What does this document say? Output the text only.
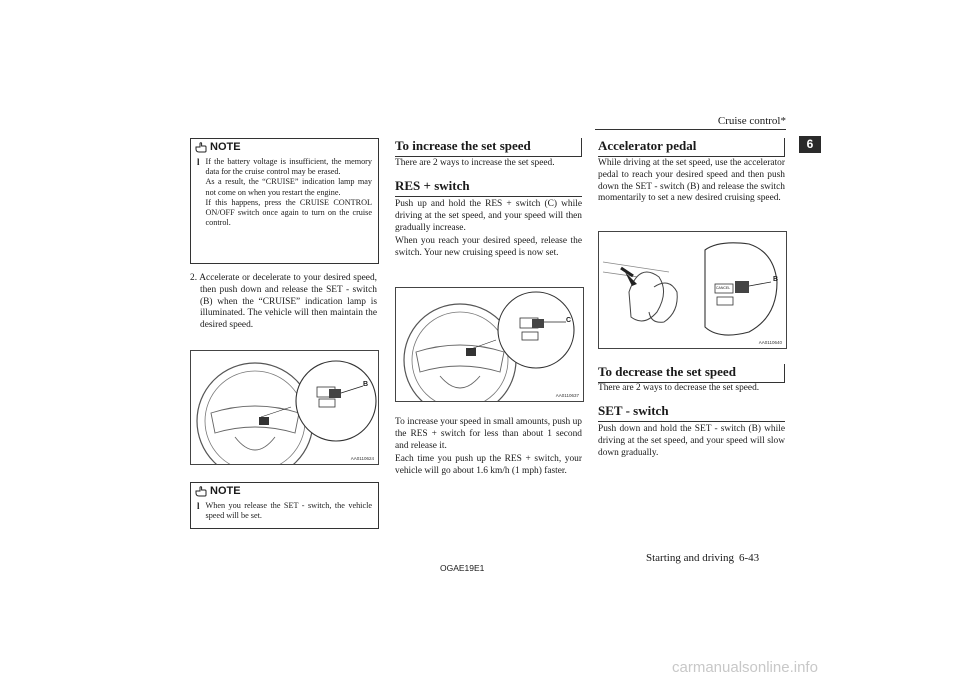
Cruise control*
6
NOTE
l If the battery voltage is insufficient, the memory data for the cruise control may be erased.
As a result, the “CRUISE” indication lamp may not come on when you restart the engine.
If this happens, press the CRUISE CONTROL ON/OFF switch once again to turn on the cruise control.
2. Accelerate or decelerate to your desired speed, then push down and release the SET - switch (B) when the “CRUISE” indication lamp is illuminated. The vehicle will then maintain the desired speed.
B
AA0110624
NOTE
l When you release the SET - switch, the vehicle speed will be set.
To increase the set speed
There are 2 ways to increase the set speed.
RES + switch
Push up and hold the RES + switch (C) while driving at the set speed, and your speed will then gradually increase.
When you reach your desired speed, release the switch. Your new cruising speed is now set.
C
AA0110637
To increase your speed in small amounts, push up the RES + switch for less than about 1 second and release it.
Each time you push up the RES + switch, your vehicle will go about 1.6 km/h (1 mph) faster.
Accelerator pedal
While driving at the set speed, use the accelerator pedal to reach your desired speed and then push down the SET - switch (B) and release the switch momentarily to set a new desired cruising speed.
CANCEL
B
AA0110640
To decrease the set speed
There are 2 ways to decrease the set speed.
SET - switch
Push down and hold the SET - switch (B) while driving at the set speed, and your speed will slow down gradually.
OGAE19E1
Starting and driving 6-43
carmanualsonline.info
